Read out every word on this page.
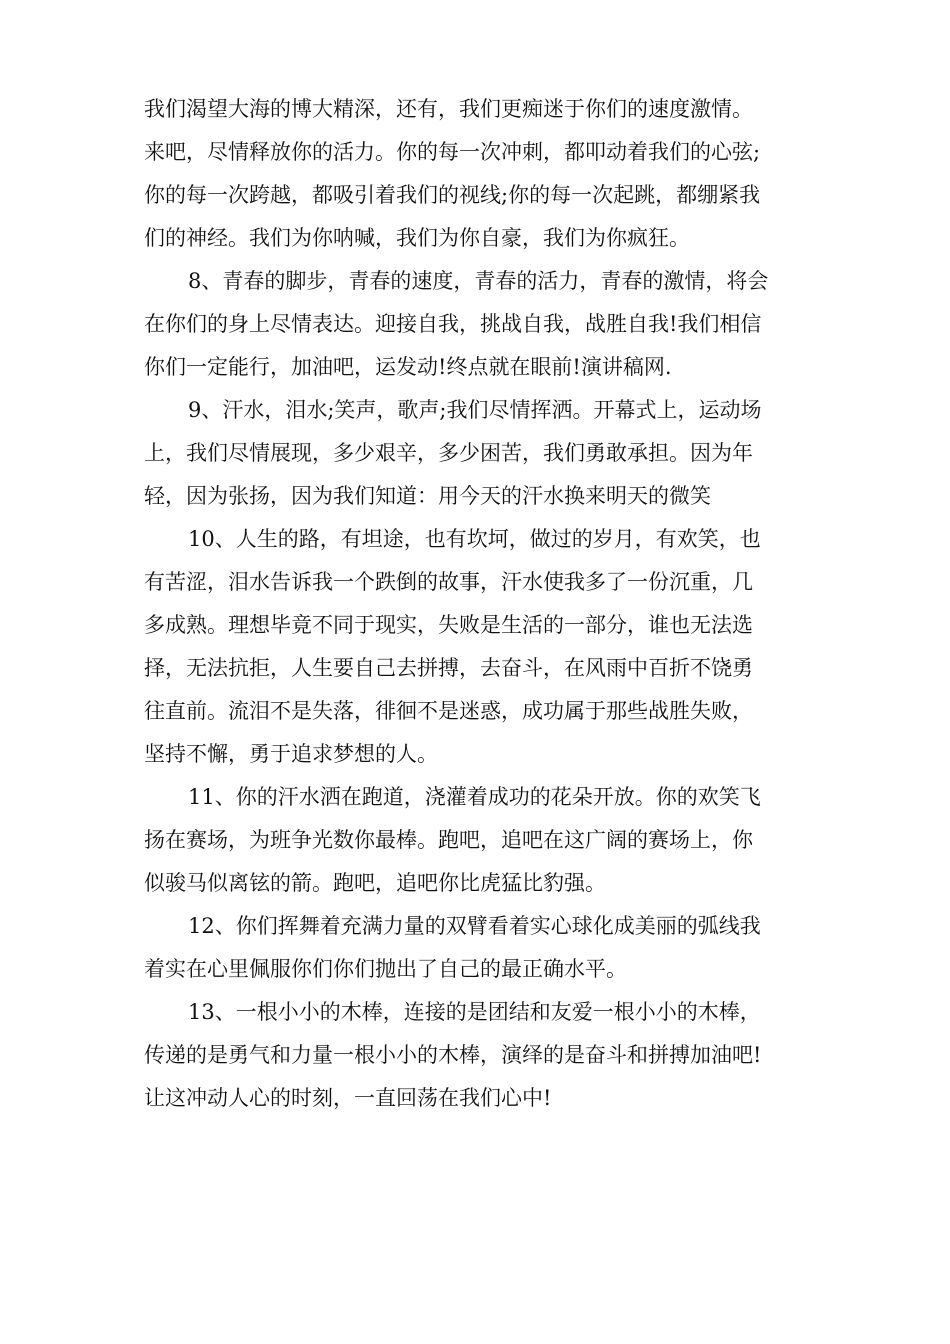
我们渴望大海的博大精深，还有，我们更痴迷于你们的速度激情。
来吧，尽情释放你的活力。你的每一次冲刺，都叩动着我们的心弦;
你的每一次跨越，都吸引着我们的视线;你的每一次起跳，都绷紧我
们的神经。我们为你呐喊，我们为你自豪，我们为你疯狂。
8、青春的脚步，青春的速度，青春的活力，青春的激情，将会
在你们的身上尽情表达。迎接自我，挑战自我，战胜自我!我们相信
你们一定能行，加油吧，运发动!终点就在眼前!演讲稿网.
9、汗水，泪水;笑声，歌声;我们尽情挥洒。开幕式上，运动场
上，我们尽情展现，多少艰辛，多少困苦，我们勇敢承担。因为年
轻，因为张扬，因为我们知道：用今天的汗水换来明天的微笑
10、人生的路，有坦途，也有坎坷，做过的岁月，有欢笑，也
有苦涩，泪水告诉我一个跌倒的故事，汗水使我多了一份沉重，几
多成熟。理想毕竟不同于现实，失败是生活的一部分，谁也无法选
择，无法抗拒，人生要自己去拼搏，去奋斗，在风雨中百折不饶勇
往直前。流泪不是失落，徘徊不是迷惑，成功属于那些战胜失败，
坚持不懈，勇于追求梦想的人。
11、你的汗水洒在跑道，浇灌着成功的花朵开放。你的欢笑飞
扬在赛场，为班争光数你最棒。跑吧，追吧在这广阔的赛场上，你
似骏马似离铉的箭。跑吧，追吧你比虎猛比豹强。
12、你们挥舞着充满力量的双臂看着实心球化成美丽的弧线我
着实在心里佩服你们你们抛出了自己的最正确水平。
13、一根小小的木棒，连接的是团结和友爱一根小小的木棒，
传递的是勇气和力量一根小小的木棒，演绎的是奋斗和拼搏加油吧!
让这冲动人心的时刻，一直回荡在我们心中!
